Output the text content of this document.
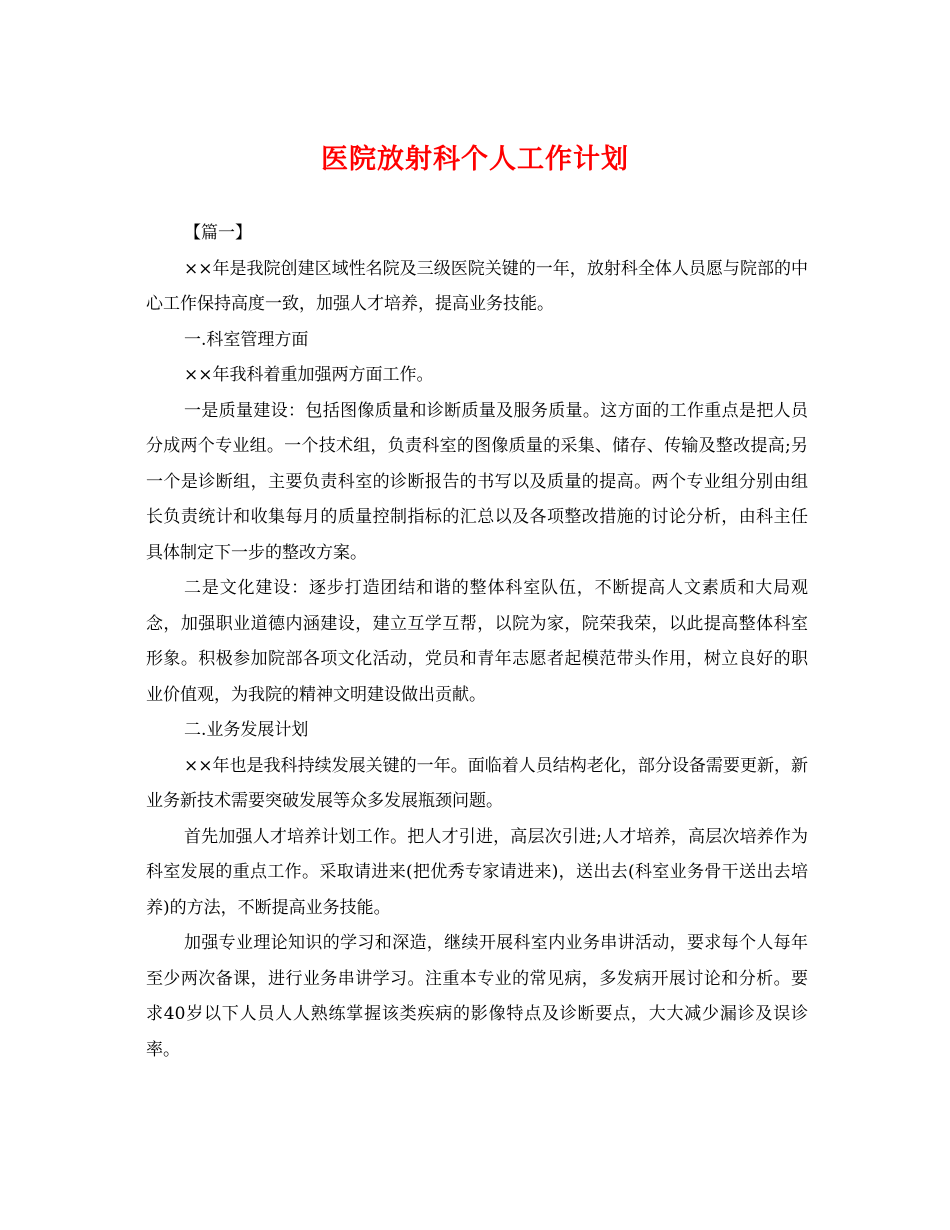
医院放射科个人工作计划

【篇一】

××年是我院创建区域性名院及三级医院关键的一年，放射科全体人员愿与院部的中心工作保持高度一致，加强人才培养，提高业务技能。

一.科室管理方面

××年我科着重加强两方面工作。

一是质量建设：包括图像质量和诊断质量及服务质量。这方面的工作重点是把人员分成两个专业组。一个技术组，负责科室的图像质量的采集、储存、传输及整改提高;另一个是诊断组，主要负责科室的诊断报告的书写以及质量的提高。两个专业组分别由组长负责统计和收集每月的质量控制指标的汇总以及各项整改措施的讨论分析，由科主任具体制定下一步的整改方案。

二是文化建设：逐步打造团结和谐的整体科室队伍，不断提高人文素质和大局观念，加强职业道德内涵建设，建立互学互帮，以院为家，院荣我荣，以此提高整体科室形象。积极参加院部各项文化活动，党员和青年志愿者起模范带头作用，树立良好的职业价值观，为我院的精神文明建设做出贡献。

二.业务发展计划

××年也是我科持续发展关键的一年。面临着人员结构老化，部分设备需要更新，新业务新技术需要突破发展等众多发展瓶颈问题。

首先加强人才培养计划工作。把人才引进，高层次引进;人才培养，高层次培养作为科室发展的重点工作。采取请进来(把优秀专家请进来)，送出去(科室业务骨干送出去培养)的方法，不断提高业务技能。

加强专业理论知识的学习和深造，继续开展科室内业务串讲活动，要求每个人每年至少两次备课，进行业务串讲学习。注重本专业的常见病，多发病开展讨论和分析。要求40岁以下人员人人熟练掌握该类疾病的影像特点及诊断要点，大大减少漏诊及误诊率。
